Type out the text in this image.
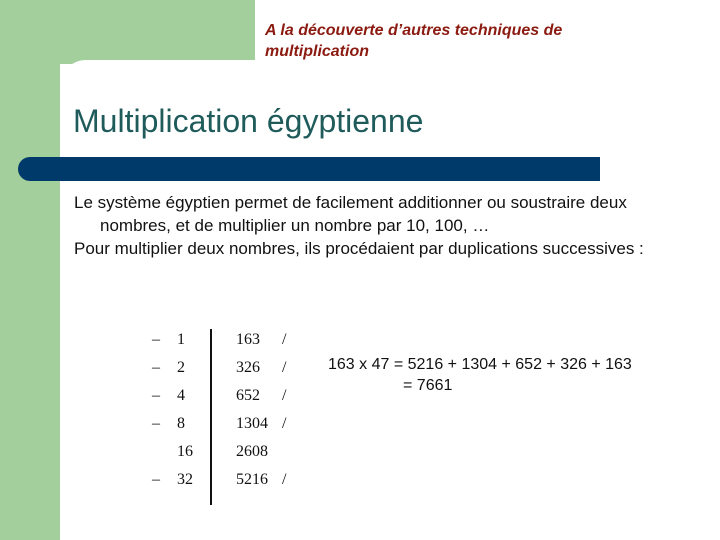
A la découverte d’autres techniques de
multiplication
Multiplication égyptienne

Le système égyptien permet de facilement additionner ou soustraire deux nombres, et de multiplier un nombre par 10, 100, …

Pour multiplier deux nombres, ils procédaient par duplications successives :

– 1	163 /
– 2	326 /
– 4	652 /
– 8	1304 /
16	2608
– 32	5216 /
163 x 47 = 5216 + 1304 + 652 + 326 + 163
= 7661
